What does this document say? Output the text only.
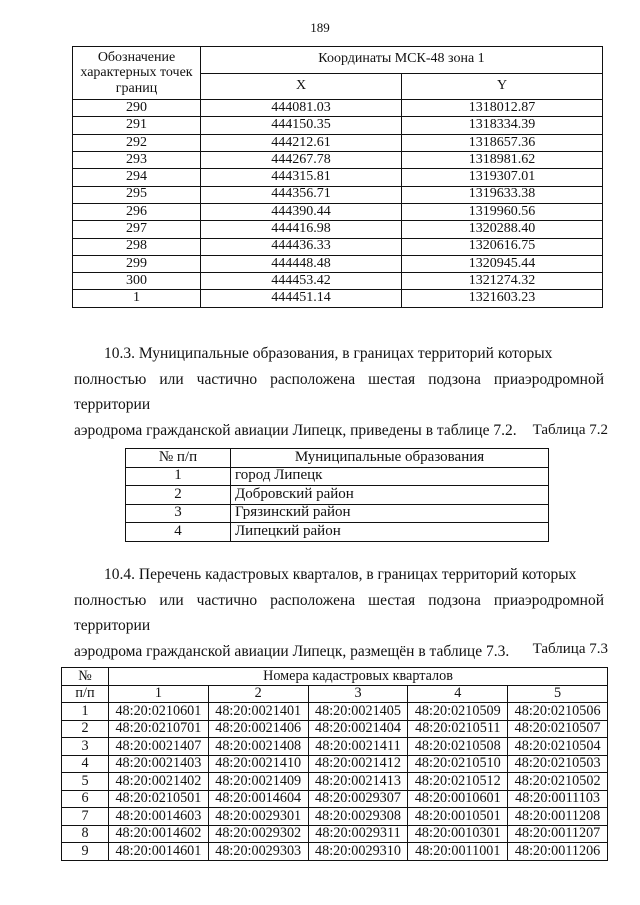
189
Обозначение характерных точек границ	Координаты МСК-48 зона 1	
	X	Y
290	444081.03	1318012.87
291	444150.35	1318334.39
292	444212.61	1318657.36
293	444267.78	1318981.62
294	444315.81	1319307.01
295	444356.71	1319633.38
296	444390.44	1319960.56
297	444416.98	1320288.40
298	444436.33	1320616.75
299	444448.48	1320945.44
300	444453.42	1321274.32
1	444451.14	1321603.23

10.3. Муниципальные образования, в границах территорий которых

полностью или частично расположена шестая подзона приаэродромной территории

аэродрома гражданской авиации Липецк, приведены в таблице 7.2.	Таблица 7.2
№ п/п	Муниципальные образования
1	город Липецк
2	Добровский район
3	Грязинский район
4	Липецкий район

10.4. Перечень кадастровых кварталов, в границах территорий которых

полностью или частично расположена шестая подзона приаэродромной территории

аэродрома гражданской авиации Липецк, размещён в таблице 7.3.	Таблица 7.3
№	Номера кадастровых кварталов				
п/п	1	2	3	4	5
1	48:20:0210601	48:20:0021401	48:20:0021405	48:20:0210509	48:20:0210506
2	48:20:0210701	48:20:0021406	48:20:0021404	48:20:0210511	48:20:0210507
3	48:20:0021407	48:20:0021408	48:20:0021411	48:20:0210508	48:20:0210504
4	48:20:0021403	48:20:0021410	48:20:0021412	48:20:0210510	48:20:0210503
5	48:20:0021402	48:20:0021409	48:20:0021413	48:20:0210512	48:20:0210502
6	48:20:0210501	48:20:0014604	48:20:0029307	48:20:0010601	48:20:0011103
7	48:20:0014603	48:20:0029301	48:20:0029308	48:20:0010501	48:20:0011208
8	48:20:0014602	48:20:0029302	48:20:0029311	48:20:0010301	48:20:0011207
9	48:20:0014601	48:20:0029303	48:20:0029310	48:20:0011001	48:20:0011206
